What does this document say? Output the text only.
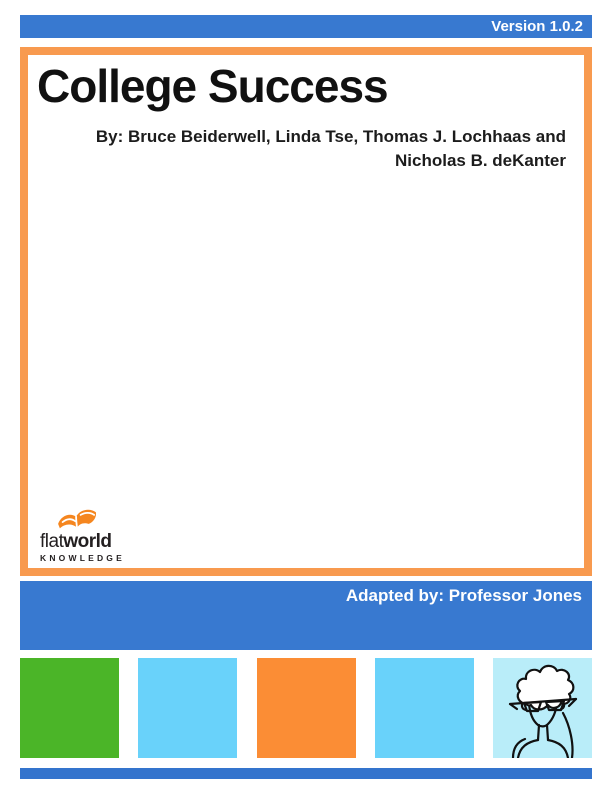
Version 1.0.2
College Success
By: Bruce Beiderwell, Linda Tse, Thomas J. Lochhaas and
Nicholas B. deKanter
flatworld
KNOWLEDGE
Adapted by: Professor Jones
